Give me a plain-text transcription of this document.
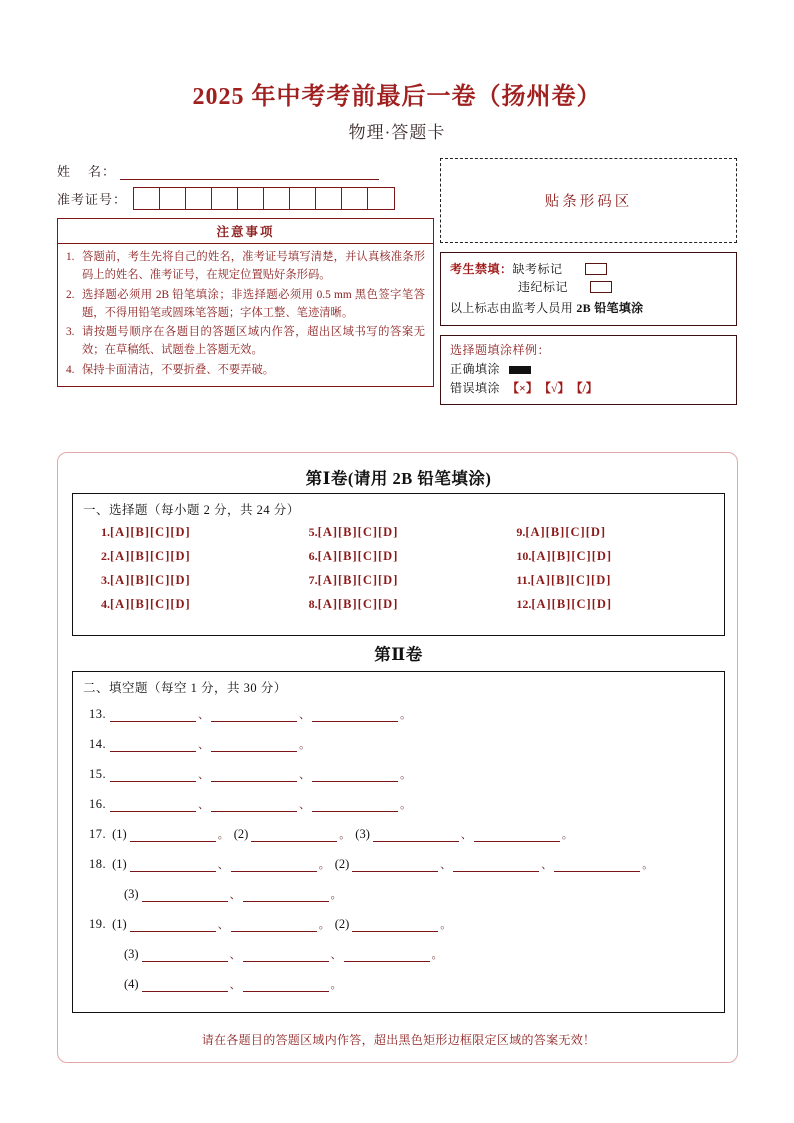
2025 年中考考前最后一卷（扬州卷）
物理·答题卡
姓    名：
准考证号：
注意事项
1. 答题前，考生先将自己的姓名，准考证号填写清楚，并认真核准条形码上的姓名、准考证号，在规定位置贴好条形码。
2. 选择题必须用 2B 铅笔填涂；非选择题必须用 0.5 mm 黑色签字笔答题，不得用铅笔或圆珠笔答题；字体工整、笔迹清晰。
3. 请按题号顺序在各题目的答题区域内作答，超出区域书写的答案无效；在草稿纸、试题卷上答题无效。
4. 保持卡面清洁，不要折叠、不要弄破。
贴条形码区
考生禁填： 缺考标记
违纪标记
以上标志由监考人员用 2B 铅笔填涂
选择题填涂样例：
正确填涂
错误填涂 【×】 【√】 【/】
第Ⅰ卷(请用 2B 铅笔填涂)
一、选择题（每小题 2 分，共 24 分）
1.[A][B][C][D]	5.[A][B][C][D]	9.[A][B][C][D]
2.[A][B][C][D]	6.[A][B][C][D]	10.[A][B][C][D]
3.[A][B][C][D]	7.[A][B][C][D]	11.[A][B][C][D]
4.[A][B][C][D]	8.[A][B][C][D]	12.[A][B][C][D]
第Ⅱ卷
二、填空题（每空 1 分，共 30 分）
13.	、	、	。
14.	、	。
15.	、	、	。
16.	、	、	。
17. (1)	。 (2)	。 (3)	、	。
18. (1)	、	。 (2)	、	、	。
(3)	、	。
19. (1)	、	。 (2)	。
(3)	、	、	。
(4)	、	。
请在各题目的答题区域内作答，超出黑色矩形边框限定区域的答案无效！
